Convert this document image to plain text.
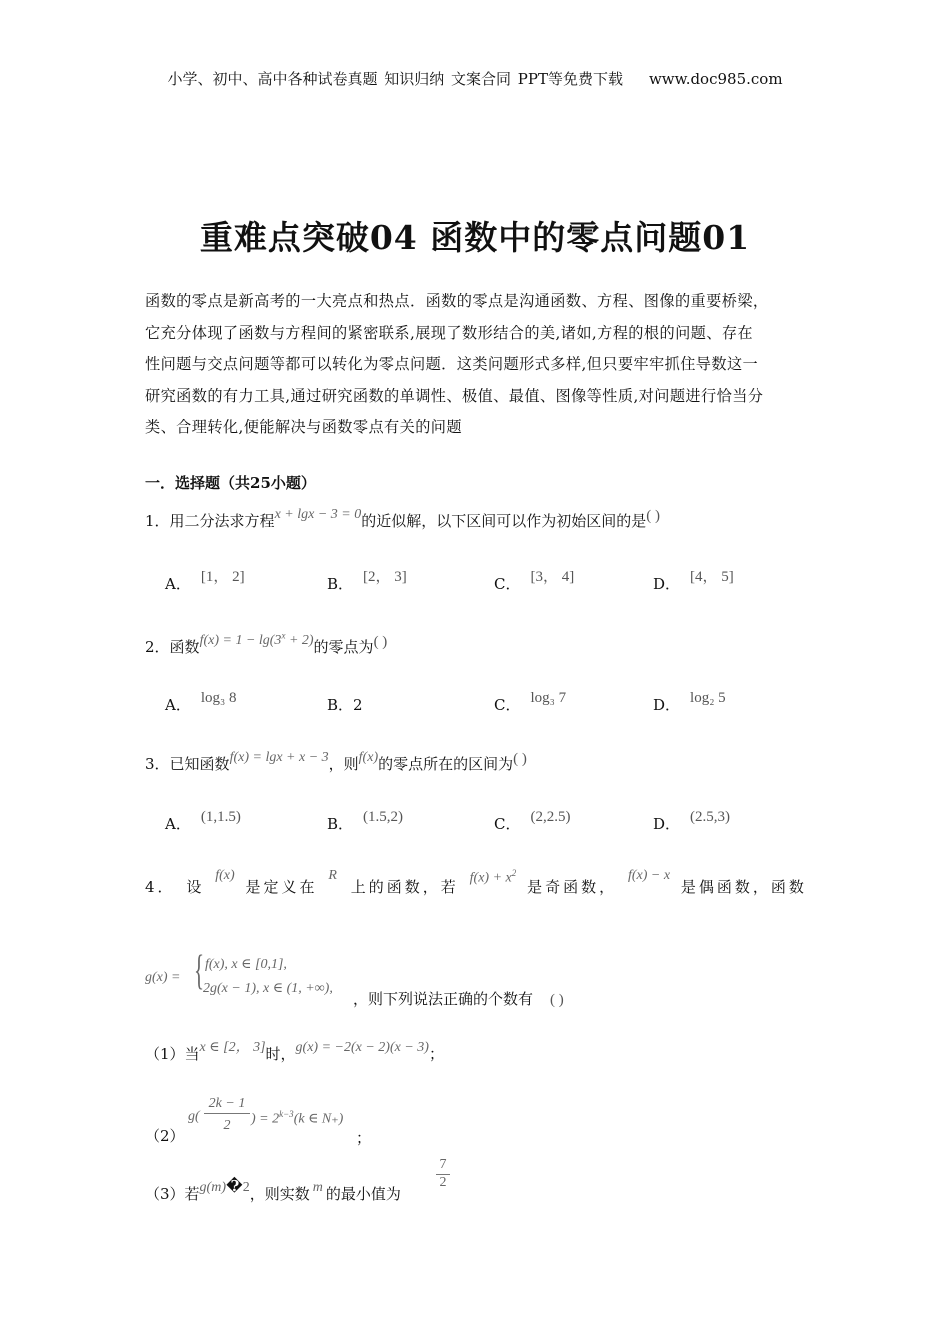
小学、初中、高中各种试卷真题 知识归纳 文案合同 PPT等免费下载 www.doc985.com
重难点突破04 函数中的零点问题01

函数的零点是新高考的一大亮点和热点．函数的零点是沟通函数、方程、图像的重要桥梁，

它充分体现了函数与方程间的紧密联系,展现了数形结合的美,诸如,方程的根的问题、存在

性问题与交点问题等都可以转化为零点问题．这类问题形式多样,但只要牢牢抓住导数这一

研究函数的有力工具,通过研究函数的单调性、极值、最值、图像等性质,对问题进行恰当分

类、合理转化,便能解决与函数零点有关的问题

一．选择题（共25小题）
1．用二分法求方程x + lgx − 3 = 0的近似解，以下区间可以作为初始区间的是( )
A． [1， 2]	B． [2， 3]	C． [3， 4]	D． [4， 5]
2．函数$f(x) = 1 - \lg(3^x + 2)$的零点为( )
A． log₃ 8	B．2	C． log₃ 7	D． log₂ 5
3．已知函数f(x) = lgx + x − 3，则f(x)的零点所在的区间为( )
A． (1,1.5)	B． (1.5,2)	C． (2,2.5)	D． (2.5,3)
4． 设
f(x)
是定义在
R
上的函数，若 $f(x) + x^2$
是奇函数，
f(x) − x
是偶函数，函数
g(x) = { f(x), x ∈ [0,1],
2g(x − 1), x ∈ (1, +∞),
，则下列说法正确的个数有 ( )
（1）当x ∈ [2， 3]时，g(x) = −2(x − 2)(x − 3)；
（2）
g(
2k − 1
2	) = $2^{k-3}(k$ ∈ N₊)
；
（3）若g(m)�2，则实数 m 的最小值为
$\frac{7}{2}$
